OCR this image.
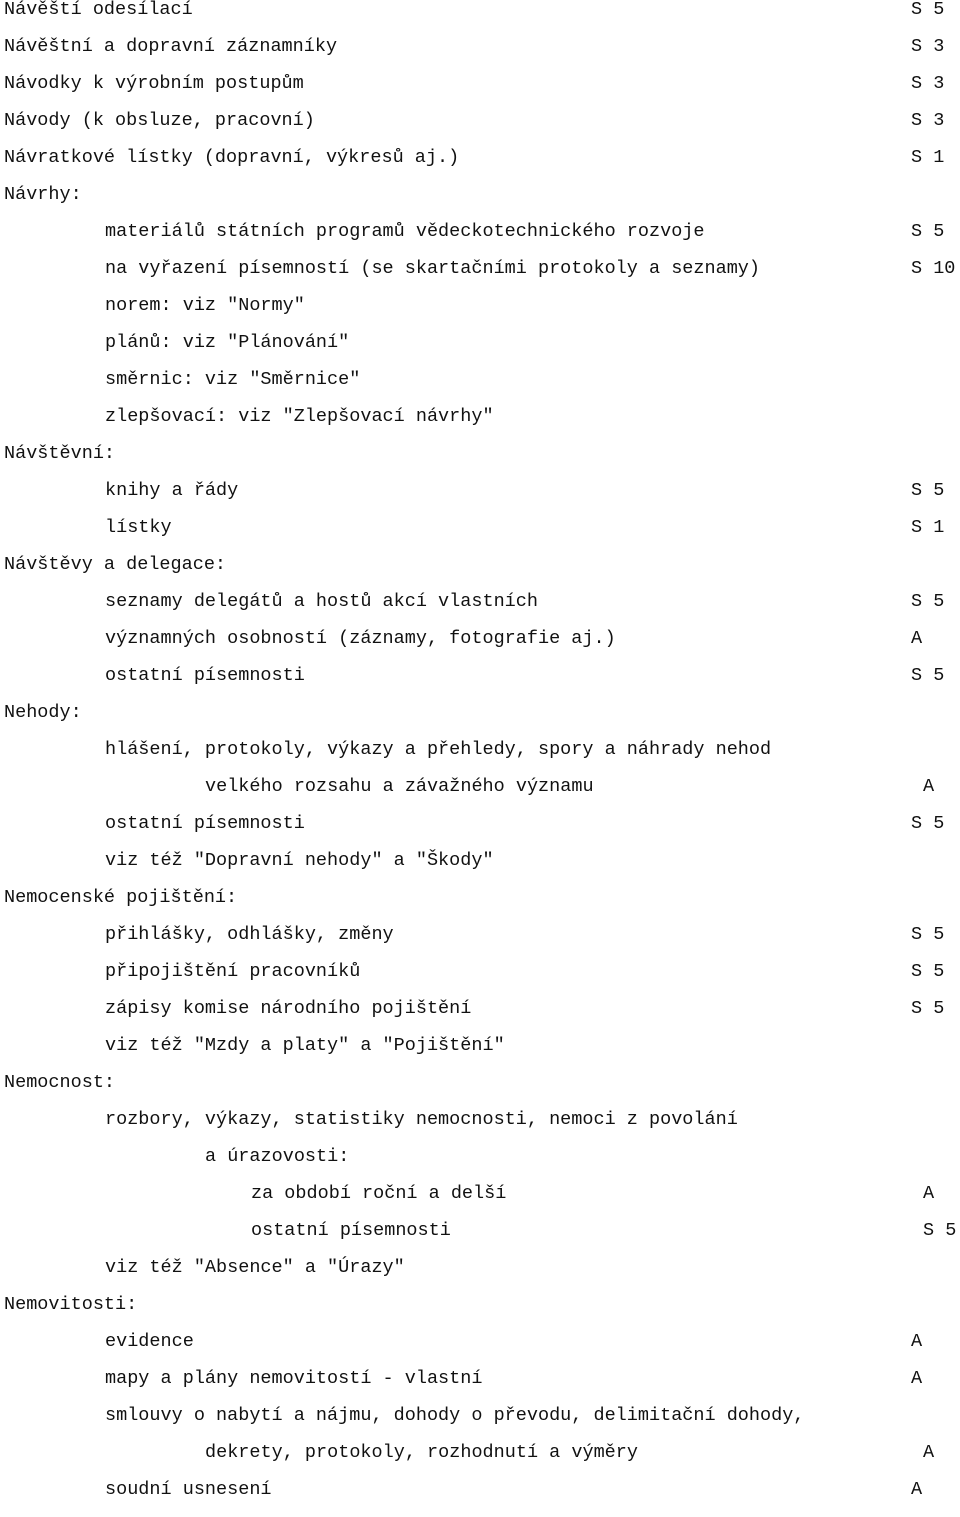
Návěští odesílací	S 5
Návěštní a dopravní záznamníky	S 3
Návodky k výrobním postupům	S 3
Návody (k obsluze, pracovní)	S 3
Návratkové lístky (dopravní, výkresů aj.)	S 1
Návrhy:
materiálů státních programů vědeckotechnického rozvoje	S 5
na vyřazení písemností (se skartačními protokoly a seznamy)	S 10
norem: viz "Normy"
plánů: viz "Plánování"
směrnic: viz "Směrnice"
zlepšovací: viz "Zlepšovací návrhy"
Návštěvní:
knihy a řády	S 5
lístky	S 1
Návštěvy a delegace:
seznamy delegátů a hostů akcí vlastních	S 5
významných osobností (záznamy, fotografie aj.)	A
ostatní písemnosti	S 5
Nehody:
hlášení, protokoly, výkazy a přehledy, spory a náhrady nehod
velkého rozsahu a závažného významu	A
ostatní písemnosti	S 5
viz též "Dopravní nehody" a "Škody"
Nemocenské pojištění:
přihlášky, odhlášky, změny	S 5
připojištění pracovníků	S 5
zápisy komise národního pojištění	S 5
viz též "Mzdy a platy" a "Pojištění"
Nemocnost:
rozbory, výkazy, statistiky nemocnosti, nemoci z povolání
a úrazovosti:
za období roční a delší	A
ostatní písemnosti	S 5
viz též "Absence" a "Úrazy"
Nemovitosti:
evidence	A
mapy a plány nemovitostí - vlastní	A
smlouvy o nabytí a nájmu, dohody o převodu, delimitační dohody,
dekrety, protokoly, rozhodnutí a výměry	A
soudní usnesení	A
